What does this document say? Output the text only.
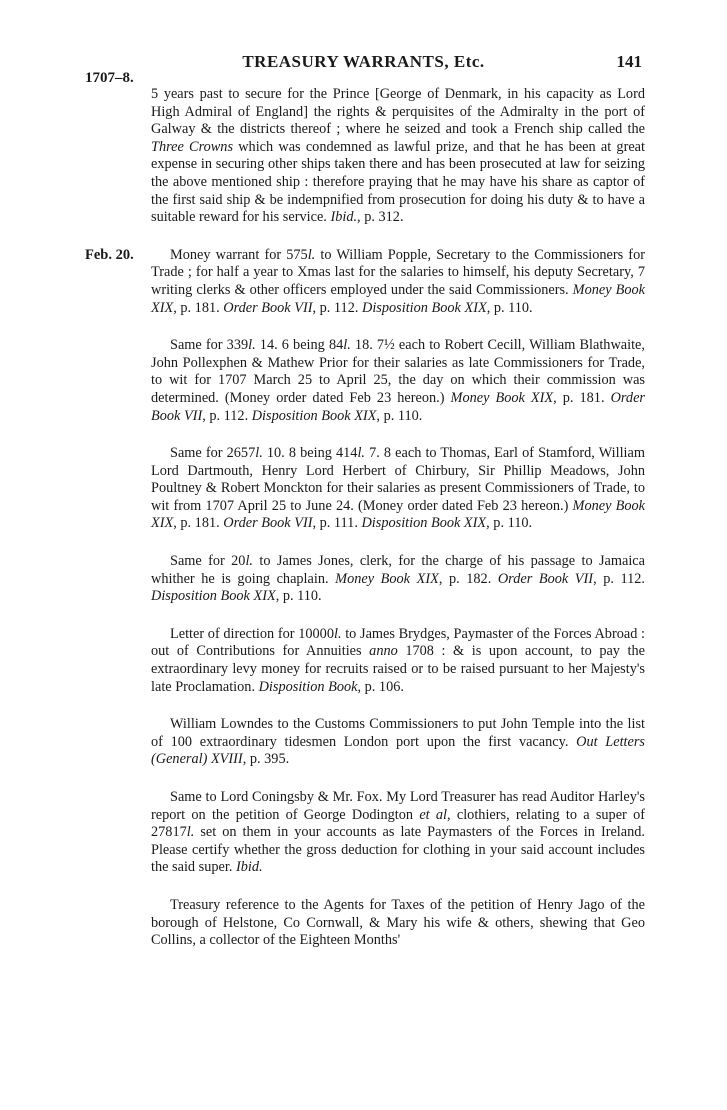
TREASURY WARRANTS, Etc.	141
1707–8.

5 years past to secure for the Prince [George of Denmark, in his capacity as Lord High Admiral of England] the rights & perquisites of the Admiralty in the port of Galway & the districts thereof ; where he seized and took a French ship called the Three Crowns which was condemned as lawful prize, and that he has been at great expense in securing other ships taken there and has been prosecuted at law for seizing the above mentioned ship : therefore praying that he may have his share as captor of the first said ship & be indempnified from prosecution for doing his duty & to have a suitable reward for his service. Ibid., p. 312.

Feb. 20.	Money warrant for 575l. to William Popple, Secretary to the Commissioners for Trade ; for half a year to Xmas last for the salaries to himself, his deputy Secretary, 7 writing clerks & other officers employed under the said Commissioners. Money Book XIX, p. 181. Order Book VII, p. 112. Disposition Book XIX, p. 110.

Same for 339l. 14. 6 being 84l. 18. 7½ each to Robert Cecill, William Blathwaite, John Pollexphen & Mathew Prior for their salaries as late Commissioners for Trade, to wit for 1707 March 25 to April 25, the day on which their commission was determined. (Money order dated Feb 23 hereon.) Money Book XIX, p. 181. Order Book VII, p. 112. Disposition Book XIX, p. 110.

Same for 2657l. 10. 8 being 414l. 7. 8 each to Thomas, Earl of Stamford, William Lord Dartmouth, Henry Lord Herbert of Chirbury, Sir Phillip Meadows, John Poultney & Robert Monckton for their salaries as present Commissioners of Trade, to wit from 1707 April 25 to June 24. (Money order dated Feb 23 hereon.) Money Book XIX, p. 181. Order Book VII, p. 111. Disposition Book XIX, p. 110.

Same for 20l. to James Jones, clerk, for the charge of his passage to Jamaica whither he is going chaplain. Money Book XIX, p. 182. Order Book VII, p. 112. Disposition Book XIX, p. 110.

Letter of direction for 10000l. to James Brydges, Paymaster of the Forces Abroad : out of Contributions for Annuities anno 1708 : & is upon account, to pay the extraordinary levy money for recruits raised or to be raised pursuant to her Majesty's late Proclamation. Disposition Book, p. 106.

William Lowndes to the Customs Commissioners to put John Temple into the list of 100 extraordinary tidesmen London port upon the first vacancy. Out Letters (General) XVIII, p. 395.

Same to Lord Coningsby & Mr. Fox. My Lord Treasurer has read Auditor Harley's report on the petition of George Dodington et al, clothiers, relating to a super of 27817l. set on them in your accounts as late Paymasters of the Forces in Ireland. Please certify whether the gross deduction for clothing in your said account includes the said super. Ibid.

Treasury reference to the Agents for Taxes of the petition of Henry Jago of the borough of Helstone, Co Cornwall, & Mary his wife & others, shewing that Geo Collins, a collector of the Eighteen Months'
